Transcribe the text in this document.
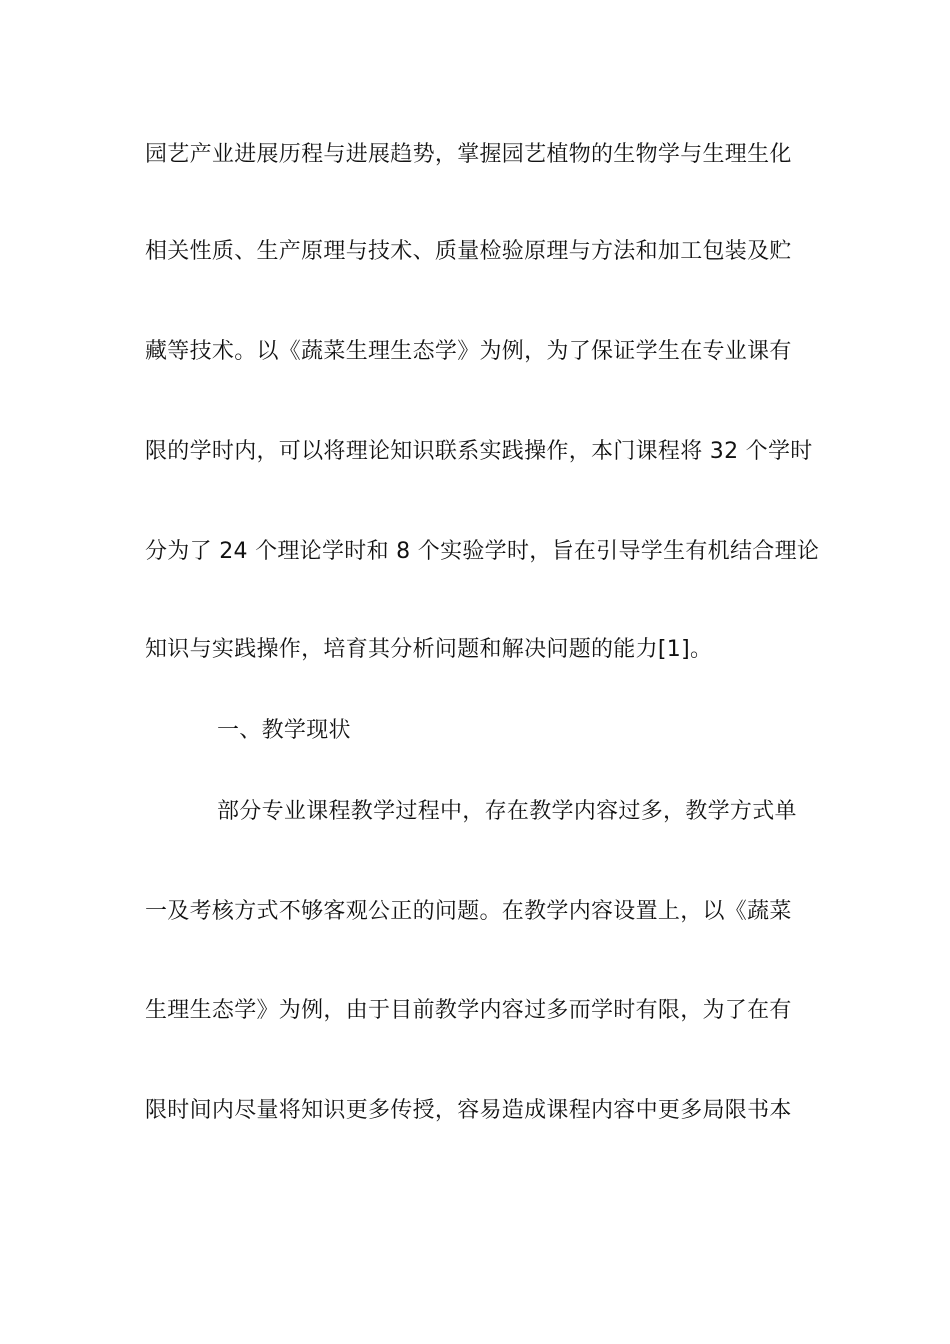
园艺产业进展历程与进展趋势，掌握园艺植物的生物学与生理生化
相关性质、生产原理与技术、质量检验原理与方法和加工包装及贮
藏等技术。以《蔬菜生理生态学》为例，为了保证学生在专业课有
限的学时内，可以将理论知识联系实践操作，本门课程将 32 个学时
分为了 24 个理论学时和 8 个实验学时，旨在引导学生有机结合理论
知识与实践操作，培育其分析问题和解决问题的能力[1]。
一、教学现状
部分专业课程教学过程中，存在教学内容过多，教学方式单
一及考核方式不够客观公正的问题。在教学内容设置上，以《蔬菜
生理生态学》为例，由于目前教学内容过多而学时有限，为了在有
限时间内尽量将知识更多传授，容易造成课程内容中更多局限书本
